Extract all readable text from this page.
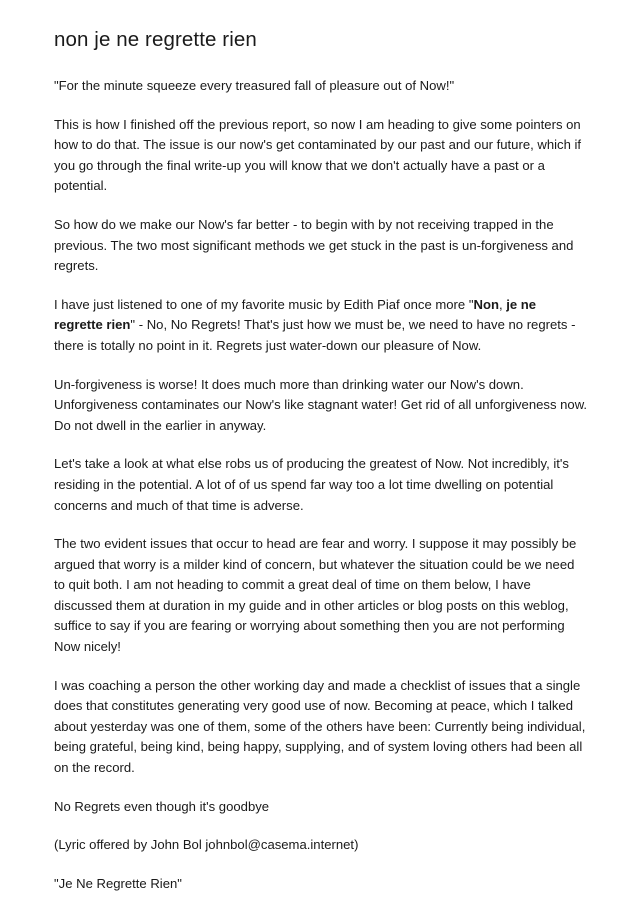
non je ne regrette rien

"For the minute squeeze every treasured fall of pleasure out of Now!"

This is how I finished off the previous report, so now I am heading to give some pointers on how to do that. The issue is our now's get contaminated by our past and our future, which if you go through the final write-up you will know that we don't actually have a past or a potential.

So how do we make our Now's far better - to begin with by not receiving trapped in the previous. The two most significant methods we get stuck in the past is un-forgiveness and regrets.

I have just listened to one of my favorite music by Edith Piaf once more "Non, je ne regrette rien" - No, No Regrets! That's just how we must be, we need to have no regrets - there is totally no point in it. Regrets just water-down our pleasure of Now.

Un-forgiveness is worse! It does much more than drinking water our Now's down. Unforgiveness contaminates our Now's like stagnant water! Get rid of all unforgiveness now. Do not dwell in the earlier in anyway.

Let's take a look at what else robs us of producing the greatest of Now. Not incredibly, it's residing in the potential. A lot of of us spend far way too a lot time dwelling on potential concerns and much of that time is adverse.

The two evident issues that occur to head are fear and worry. I suppose it may possibly be argued that worry is a milder kind of concern, but whatever the situation could be we need to quit both. I am not heading to commit a great deal of time on them below, I have discussed them at duration in my guide and in other articles or blog posts on this weblog, suffice to say if you are fearing or worrying about something then you are not performing Now nicely!

I was coaching a person the other working day and made a checklist of issues that a single does that constitutes generating very good use of now. Becoming at peace, which I talked about yesterday was one of them, some of the others have been: Currently being individual, being grateful, being kind, being happy, supplying, and of system loving others had been all on the record.

No Regrets even though it's goodbye

(Lyric offered by John Bol johnbol@casema.internet)

"Je Ne Regrette Rien"
